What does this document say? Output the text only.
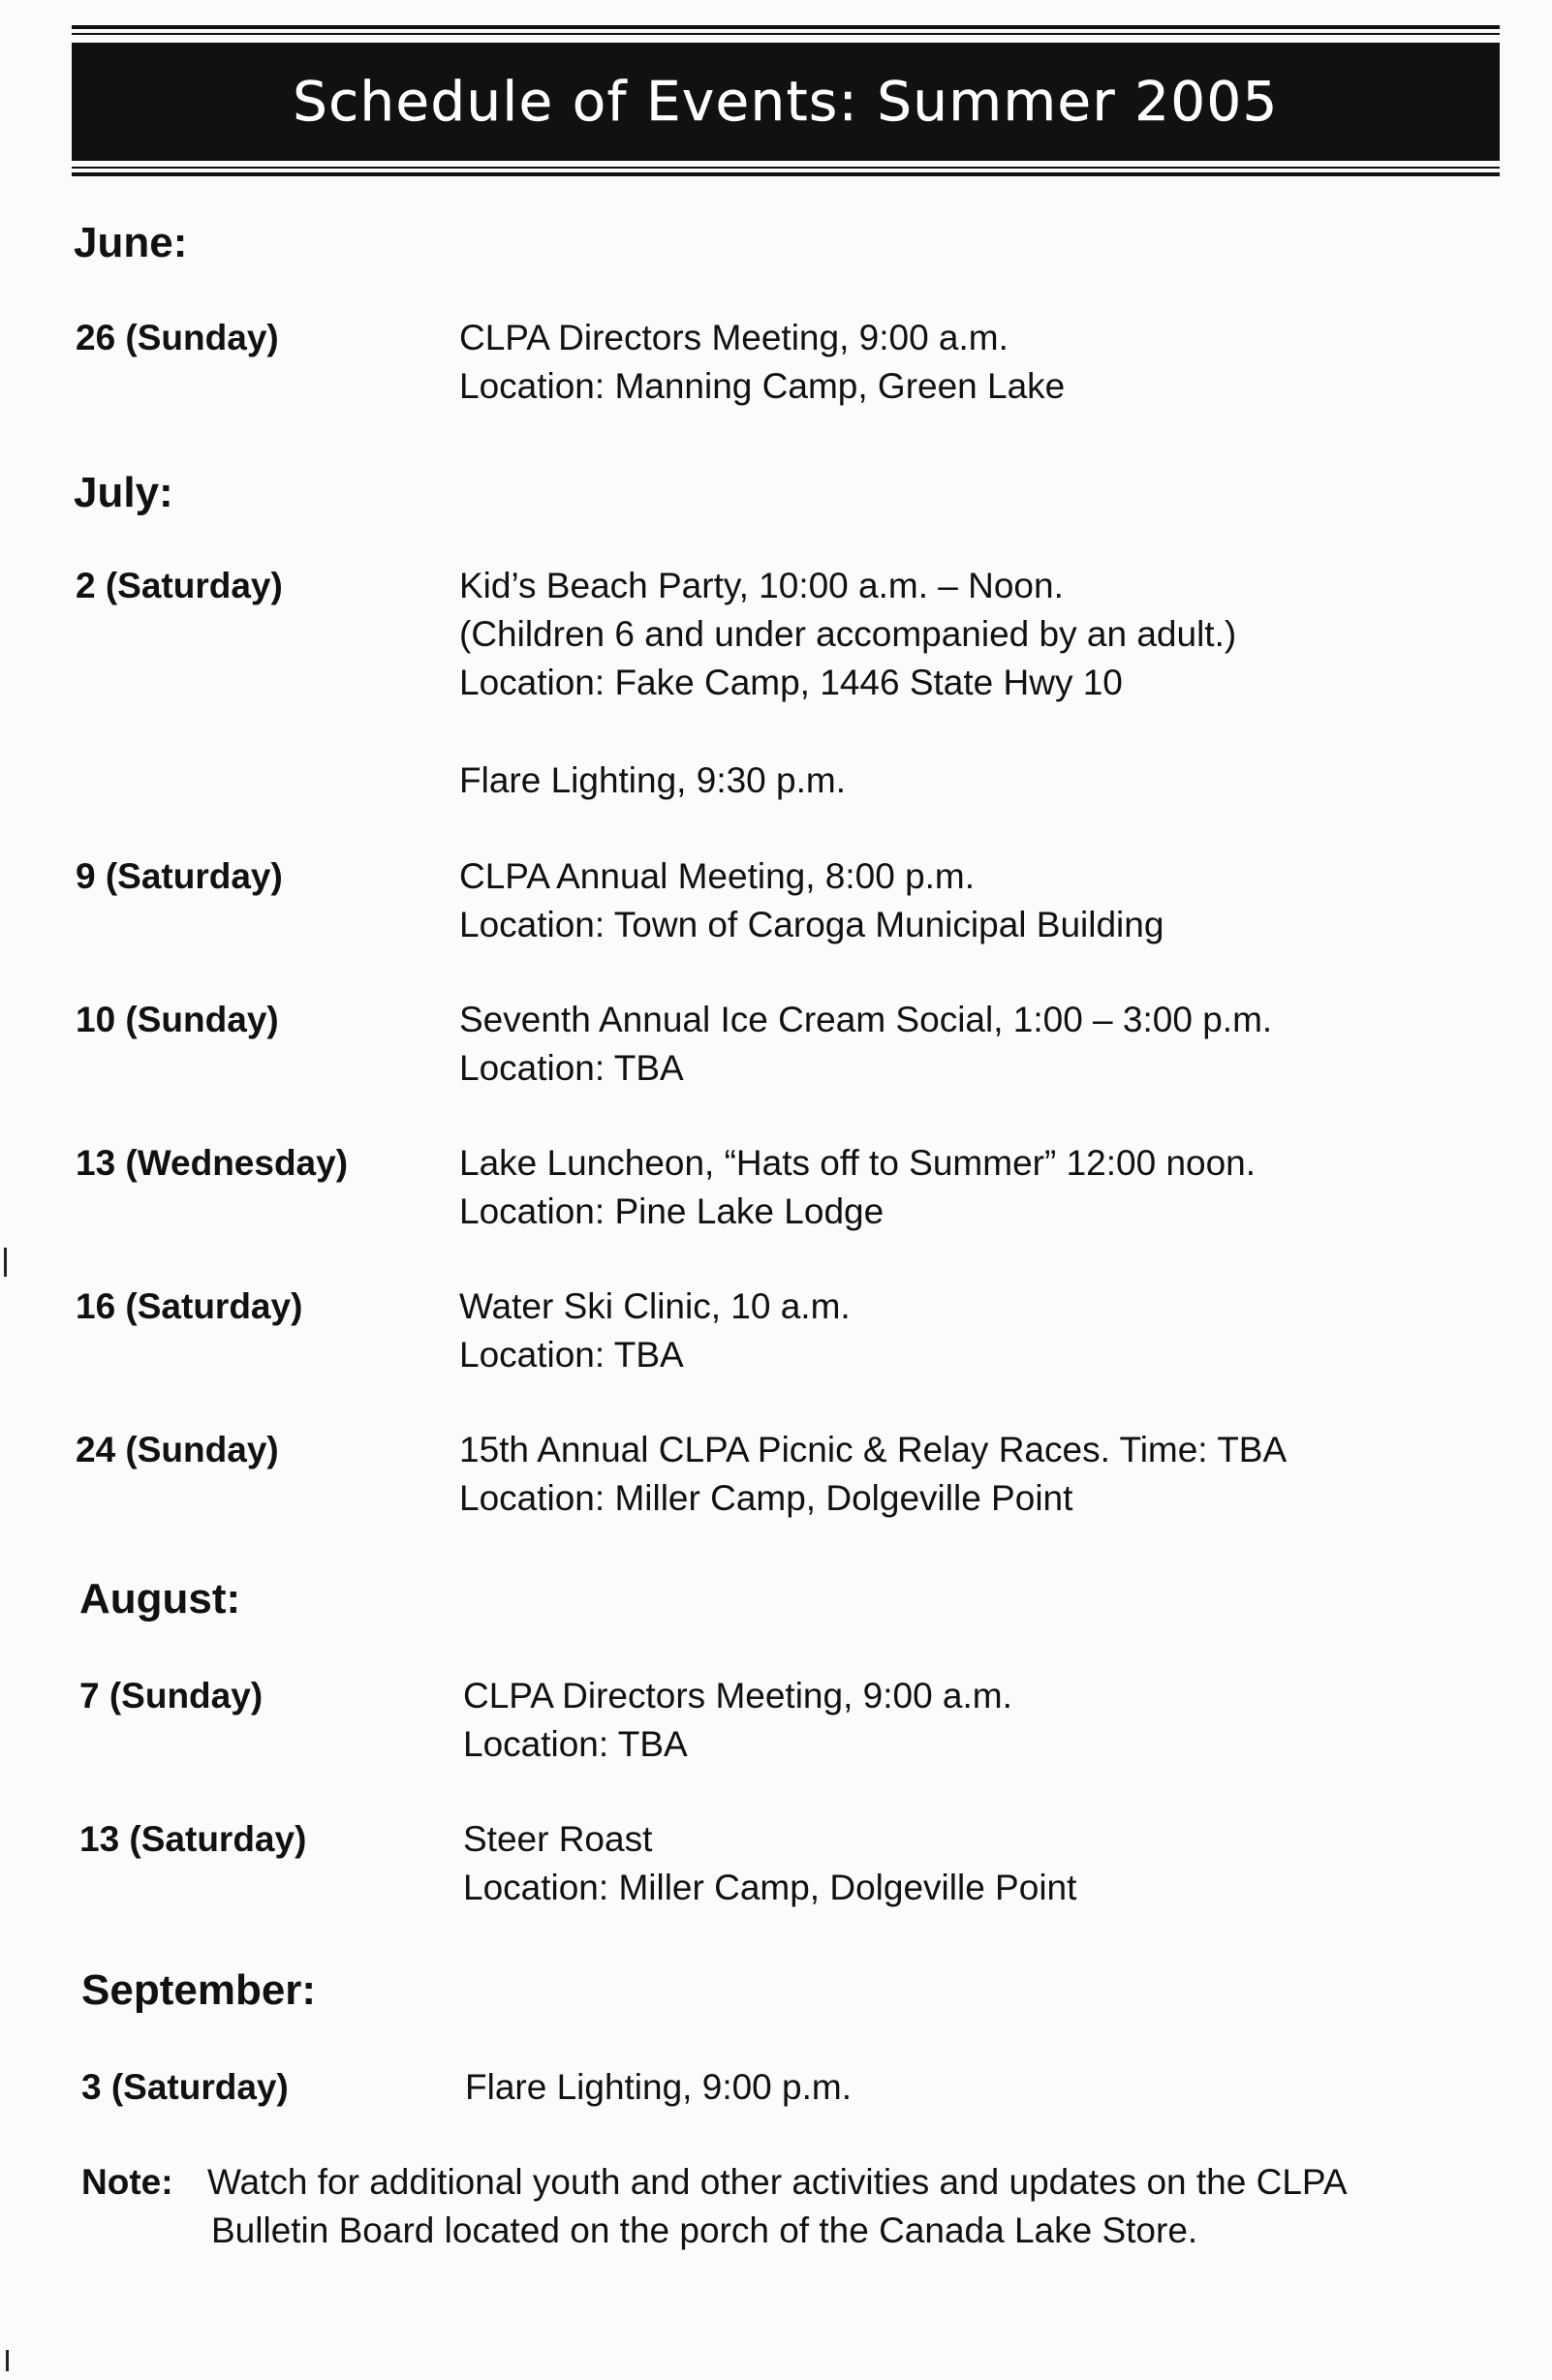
Schedule of Events: Summer 2005
June:
26 (Sunday)	CLPA Directors Meeting, 9:00 a.m.
Location: Manning Camp, Green Lake
July:
2 (Saturday)	Kid’s Beach Party, 10:00 a.m. – Noon.
(Children 6 and under accompanied by an adult.)
Location: Fake Camp, 1446 State Hwy 10
Flare Lighting, 9:30 p.m.
9 (Saturday)	CLPA Annual Meeting, 8:00 p.m.
Location: Town of Caroga Municipal Building
10 (Sunday)	Seventh Annual Ice Cream Social, 1:00 – 3:00 p.m.
Location: TBA
13 (Wednesday)	Lake Luncheon, “Hats off to Summer” 12:00 noon.
Location: Pine Lake Lodge
16 (Saturday)	Water Ski Clinic, 10 a.m.
Location: TBA
24 (Sunday)	15th Annual CLPA Picnic & Relay Races. Time: TBA
Location: Miller Camp, Dolgeville Point
August:
7 (Sunday)	CLPA Directors Meeting, 9:00 a.m.
Location: TBA
13 (Saturday)	Steer Roast
Location: Miller Camp, Dolgeville Point
September:
3 (Saturday)	Flare Lighting, 9:00 p.m.
Note: Watch for additional youth and other activities and updates on the CLPA
Bulletin Board located on the porch of the Canada Lake Store.
